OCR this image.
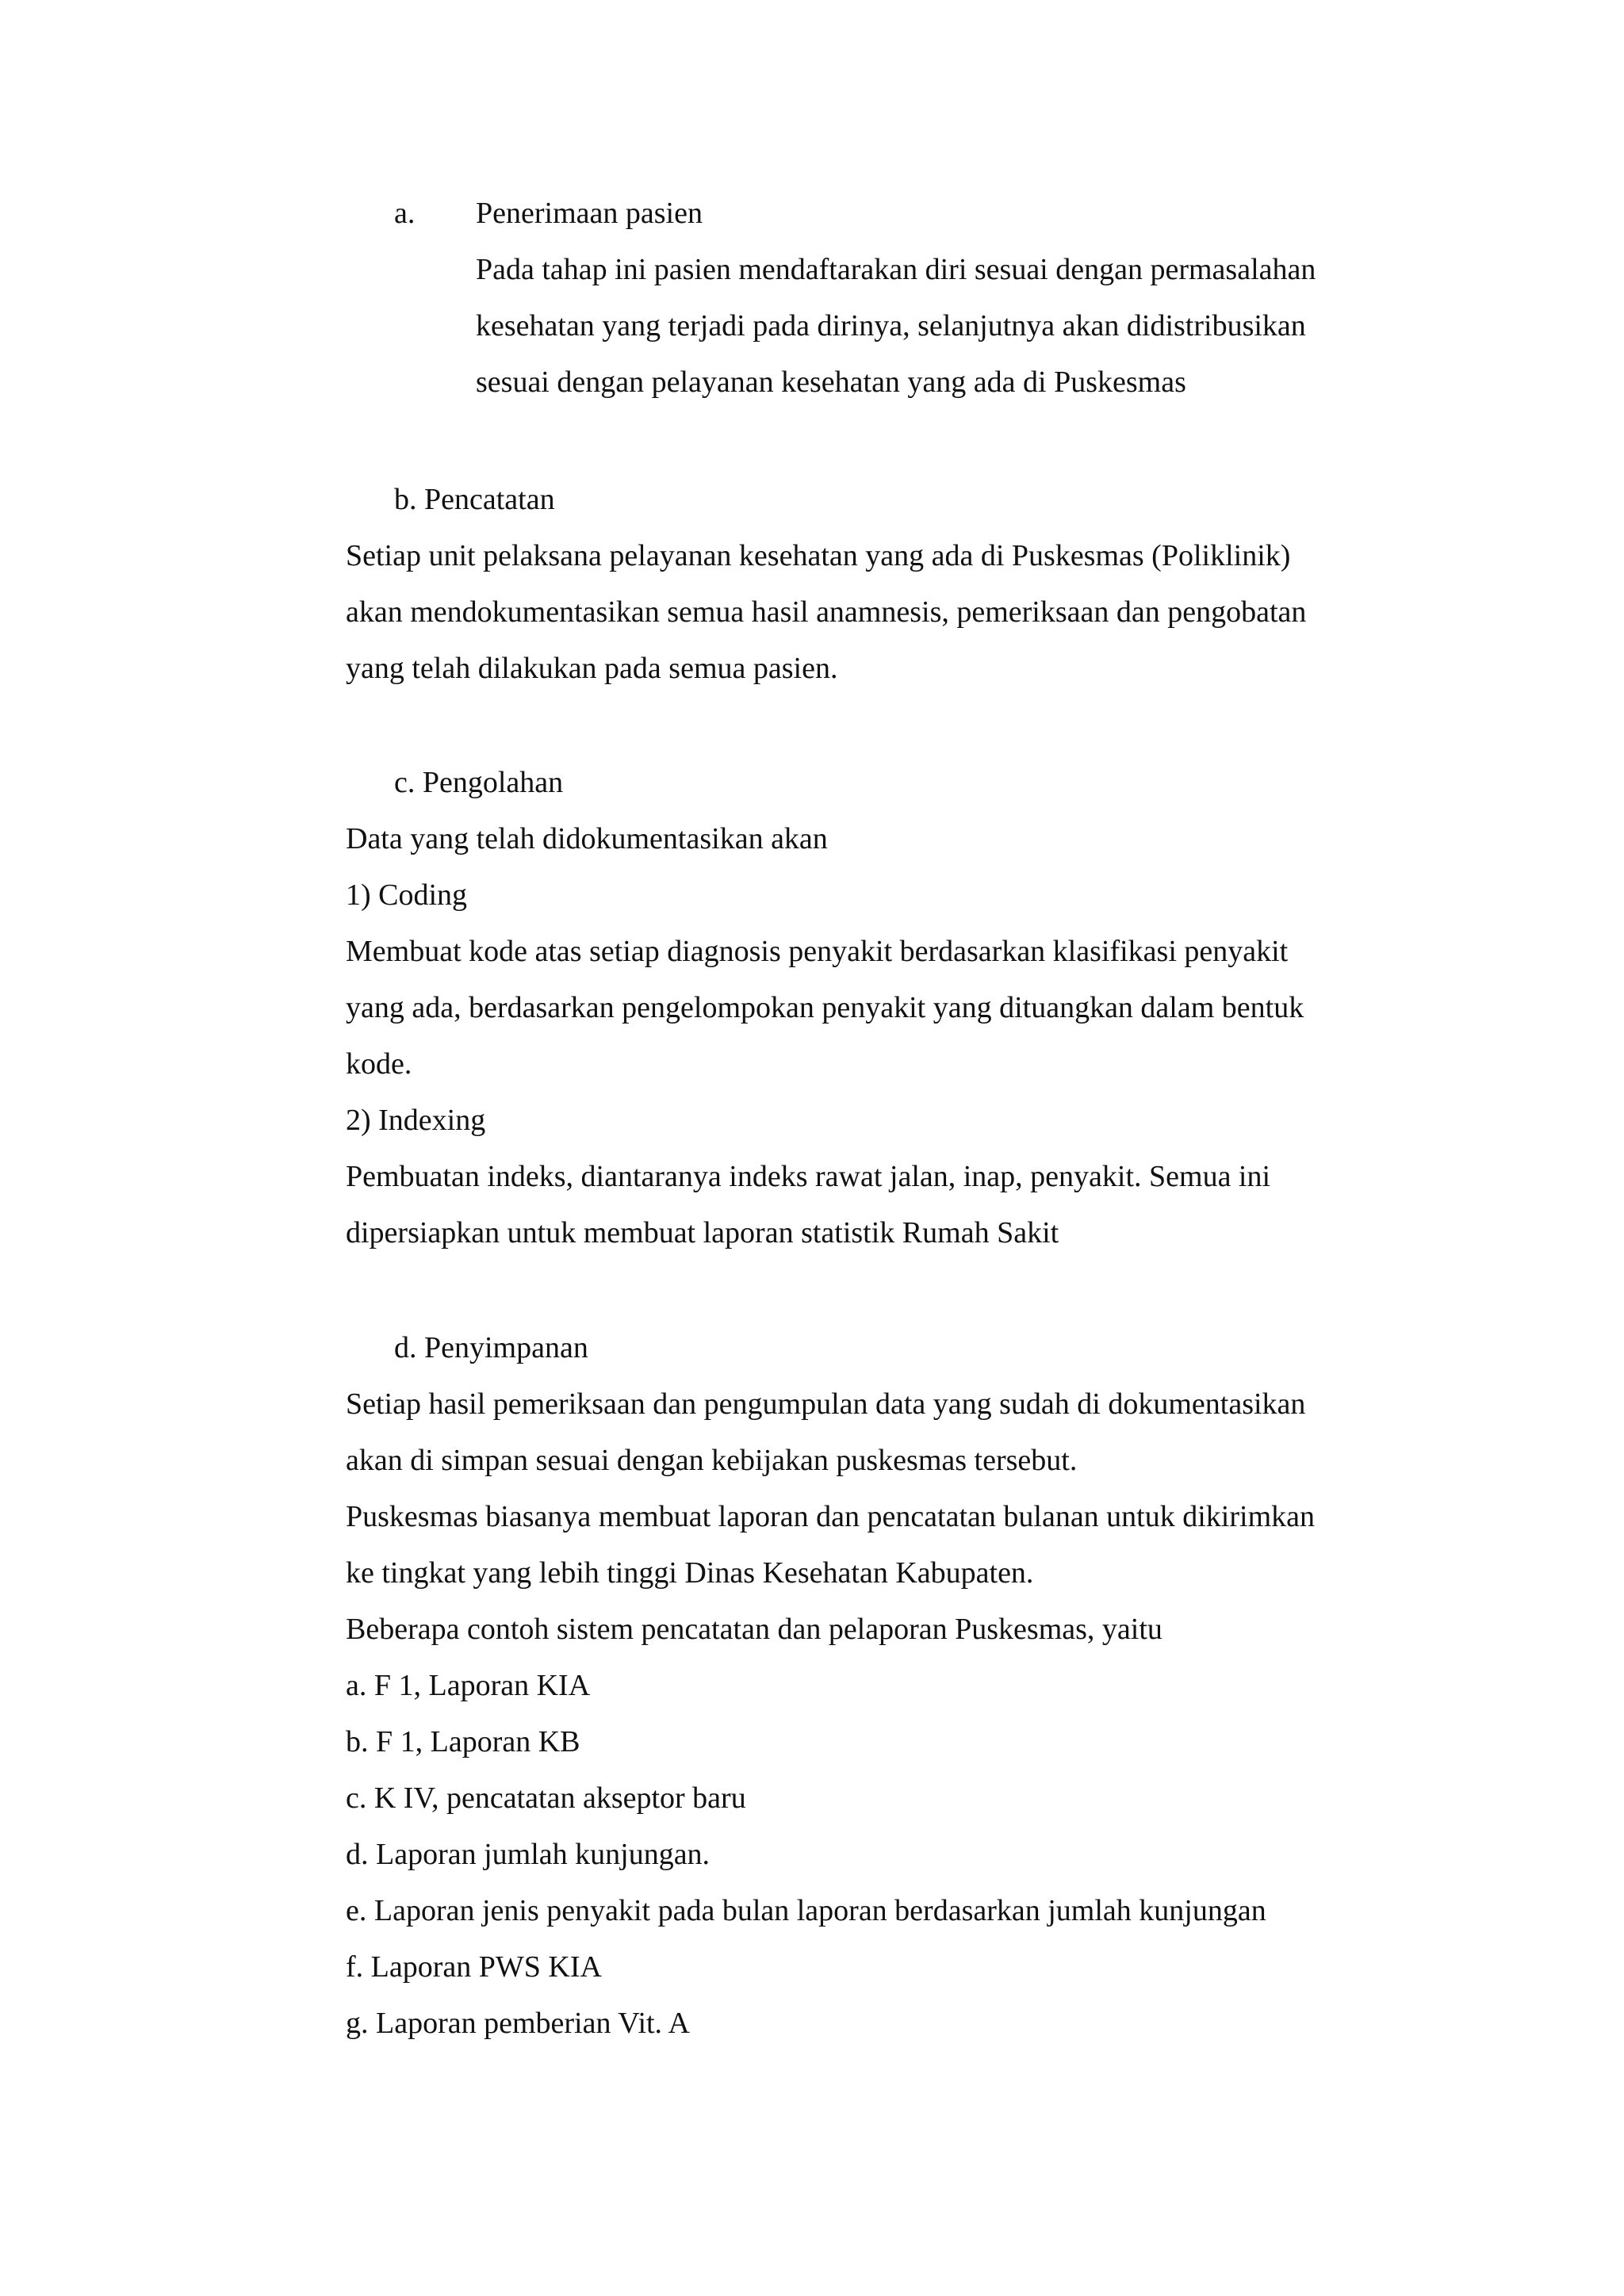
a. Penerimaan pasien
Pada tahap ini pasien mendaftarakan diri sesuai dengan permasalahan
kesehatan yang terjadi pada dirinya, selanjutnya akan didistribusikan
sesuai dengan pelayanan kesehatan yang ada di Puskesmas
b. Pencatatan
Setiap unit pelaksana pelayanan kesehatan yang ada di Puskesmas (Poliklinik)
akan mendokumentasikan semua hasil anamnesis, pemeriksaan dan pengobatan
yang telah dilakukan pada semua pasien.
c. Pengolahan
Data yang telah didokumentasikan akan
1) Coding
Membuat kode atas setiap diagnosis penyakit berdasarkan klasifikasi penyakit
yang ada, berdasarkan pengelompokan penyakit yang dituangkan dalam bentuk
kode.
2) Indexing
Pembuatan indeks, diantaranya indeks rawat jalan, inap, penyakit. Semua ini
dipersiapkan untuk membuat laporan statistik Rumah Sakit
d. Penyimpanan
Setiap hasil pemeriksaan dan pengumpulan data yang sudah di dokumentasikan
akan di simpan sesuai dengan kebijakan puskesmas tersebut.
Puskesmas biasanya membuat laporan dan pencatatan bulanan untuk dikirimkan
ke tingkat yang lebih tinggi Dinas Kesehatan Kabupaten.
Beberapa contoh sistem pencatatan dan pelaporan Puskesmas, yaitu
a. F 1, Laporan KIA
b. F 1, Laporan KB
c. K IV, pencatatan akseptor baru
d. Laporan jumlah kunjungan.
e. Laporan jenis penyakit pada bulan laporan berdasarkan jumlah kunjungan
f. Laporan PWS KIA
g. Laporan pemberian Vit. A
